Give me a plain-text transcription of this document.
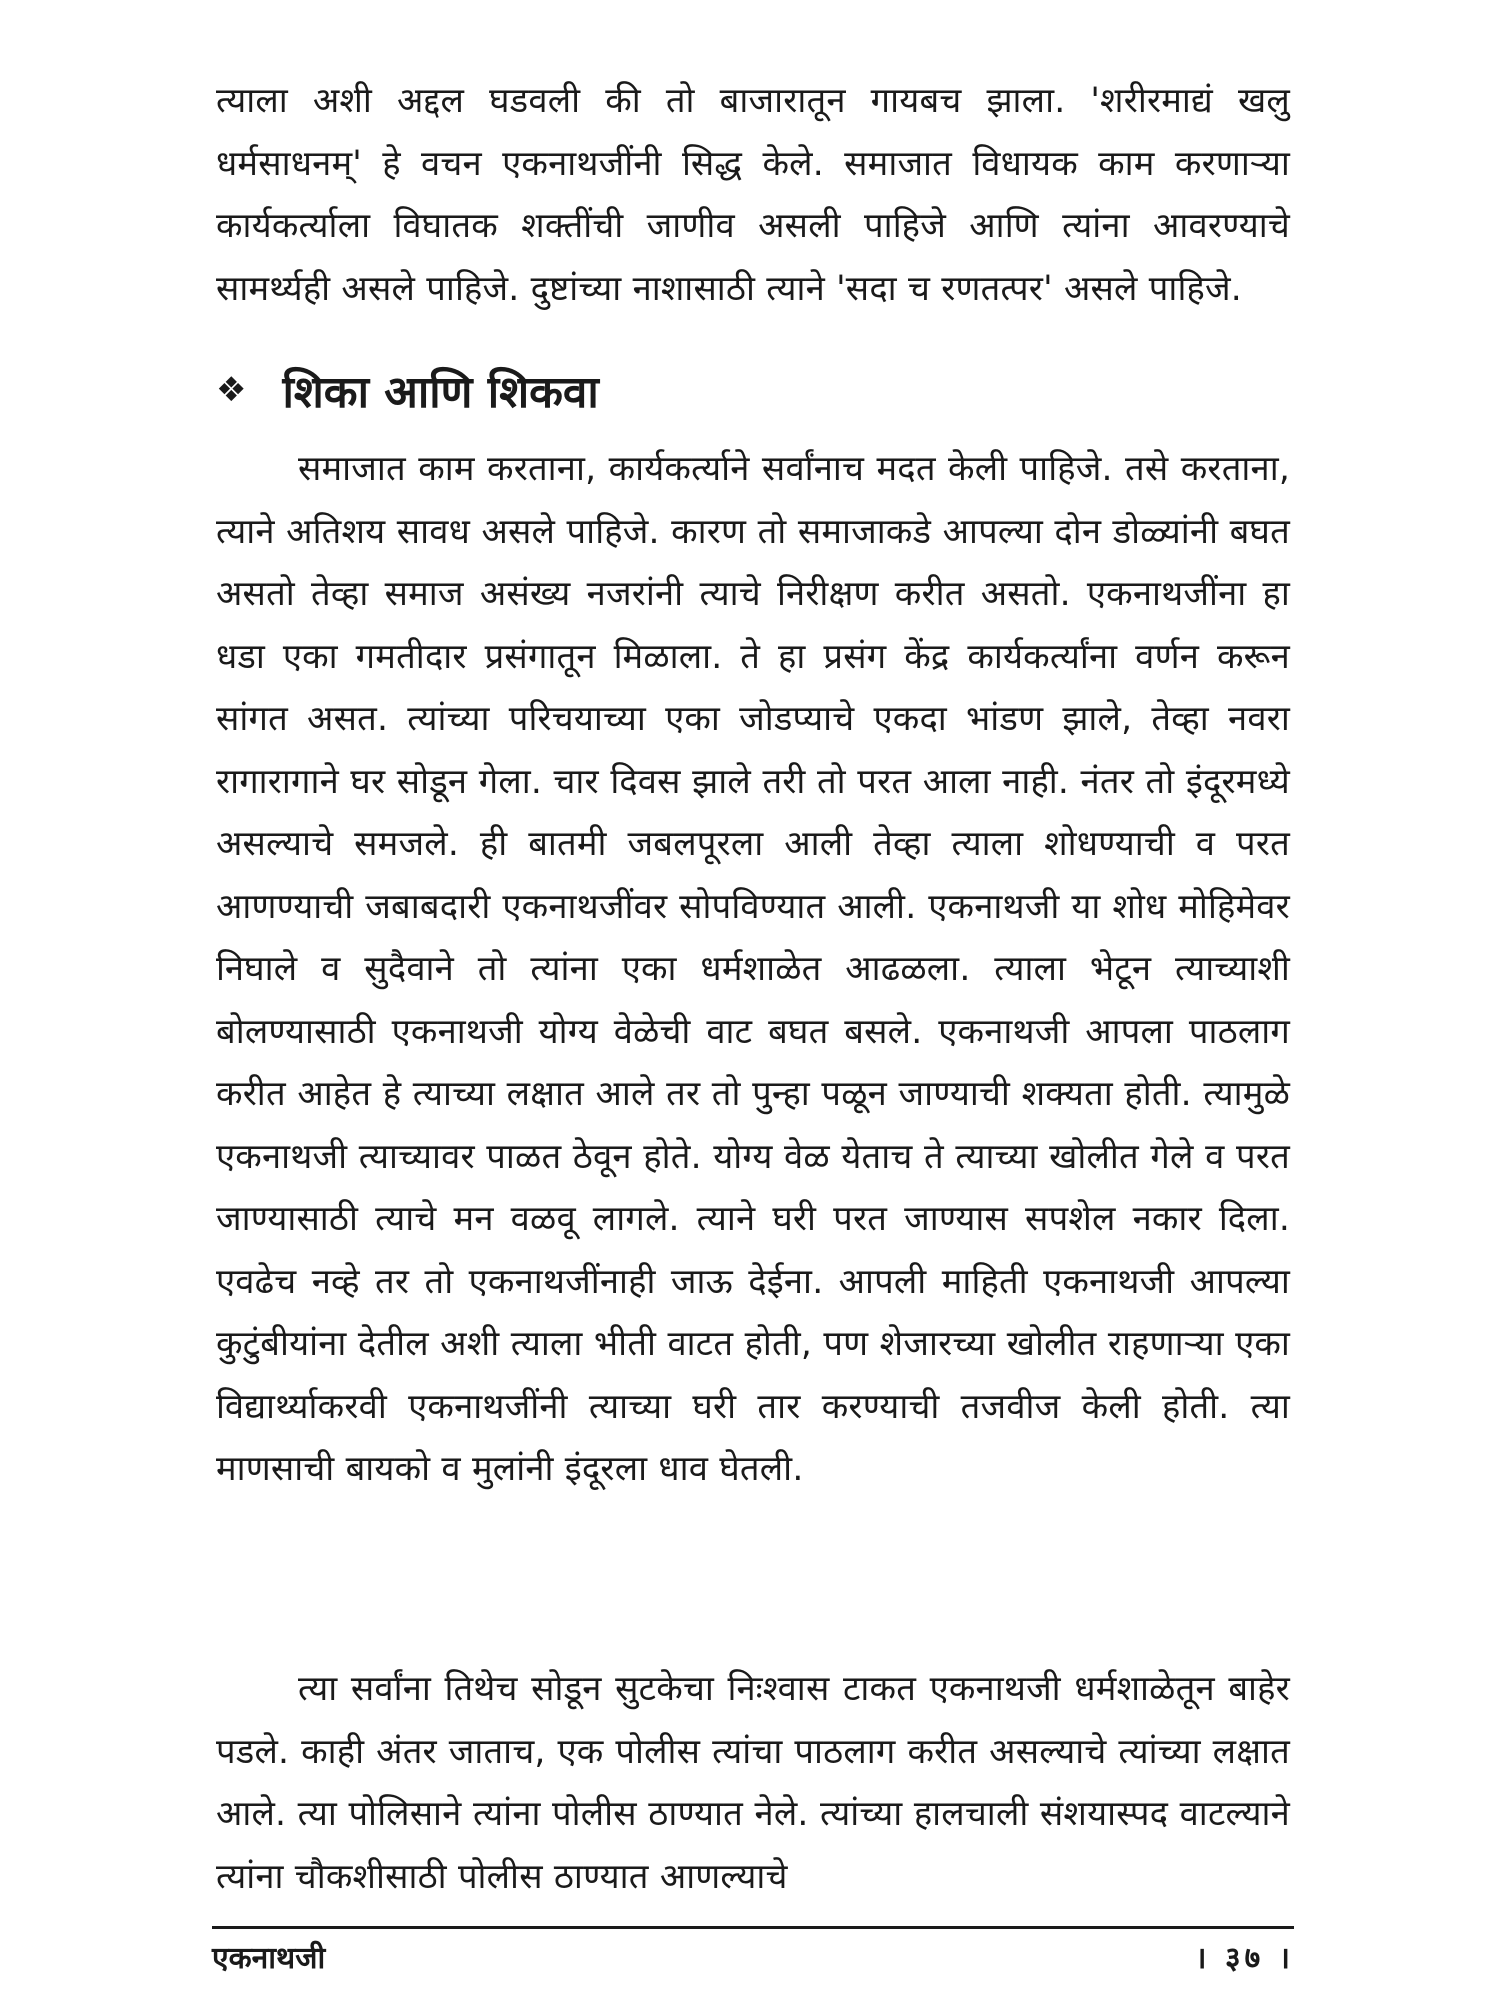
त्याला अशी अद्दल घडवली की तो बाजारातून गायबच झाला. 'शरीरमाद्यं खलु धर्मसाधनम्' हे वचन एकनाथजींनी सिद्ध केले. समाजात विधायक काम करणाऱ्या कार्यकर्त्याला विघातक शक्तींची जाणीव असली पाहिजे आणि त्यांना आवरण्याचे सामर्थ्यही असले पाहिजे. दुष्टांच्या नाशासाठी त्याने 'सदा च रणतत्पर' असले पाहिजे.

❖ शिका आणि शिकवा

समाजात काम करताना, कार्यकर्त्याने सर्वांनाच मदत केली पाहिजे. तसे करताना, त्याने अतिशय सावध असले पाहिजे. कारण तो समाजाकडे आपल्या दोन डोळ्यांनी बघत असतो तेव्हा समाज असंख्य नजरांनी त्याचे निरीक्षण करीत असतो. एकनाथजींना हा धडा एका गमतीदार प्रसंगातून मिळाला. ते हा प्रसंग केंद्र कार्यकर्त्यांना वर्णन करून सांगत असत. त्यांच्या परिचयाच्या एका जोडप्याचे एकदा भांडण झाले, तेव्हा नवरा रागारागाने घर सोडून गेला. चार दिवस झाले तरी तो परत आला नाही. नंतर तो इंदूरमध्ये असल्याचे समजले. ही बातमी जबलपूरला आली तेव्हा त्याला शोधण्याची व परत आणण्याची जबाबदारी एकनाथजींवर सोपविण्यात आली. एकनाथजी या शोध मोहिमेवर निघाले व सुदैवाने तो त्यांना एका धर्मशाळेत आढळला. त्याला भेटून त्याच्याशी बोलण्यासाठी एकनाथजी योग्य वेळेची वाट बघत बसले. एकनाथजी आपला पाठलाग करीत आहेत हे त्याच्या लक्षात आले तर तो पुन्हा पळून जाण्याची शक्यता होती. त्यामुळे एकनाथजी त्याच्यावर पाळत ठेवून होते. योग्य वेळ येताच ते त्याच्या खोलीत गेले व परत जाण्यासाठी त्याचे मन वळवू लागले. त्याने घरी परत जाण्यास सपशेल नकार दिला. एवढेच नव्हे तर तो एकनाथजींनाही जाऊ देईना. आपली माहिती एकनाथजी आपल्या कुटुंबीयांना देतील अशी त्याला भीती वाटत होती, पण शेजारच्या खोलीत राहणाऱ्या एका विद्यार्थ्याकरवी एकनाथजींनी त्याच्या घरी तार करण्याची तजवीज केली होती. त्या माणसाची बायको व मुलांनी इंदूरला धाव घेतली.

त्या सर्वांना तिथेच सोडून सुटकेचा निःश्वास टाकत एकनाथजी धर्मशाळेतून बाहेर पडले. काही अंतर जाताच, एक पोलीस त्यांचा पाठलाग करीत असल्याचे त्यांच्या लक्षात आले. त्या पोलिसाने त्यांना पोलीस ठाण्यात नेले. त्यांच्या हालचाली संशयास्पद वाटल्याने त्यांना चौकशीसाठी पोलीस ठाण्यात आणल्याचे

एकनाथजी	। ३७ ।
